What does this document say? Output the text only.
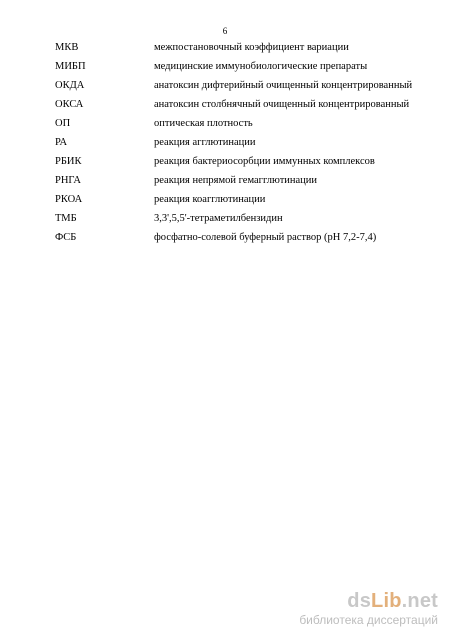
6
МКВ	межпостановочный коэффициент вариации
МИБП	медицинские иммунобиологические препараты
ОКДА	анатоксин дифтерийный очищенный концентрированный
ОКСА	анатоксин столбнячный очищенный концентрированный
ОП	оптическая плотность
РА	реакция агглютинации
РБИК	реакция бактериосорбции иммунных комплексов
РНГА	реакция непрямой гемагглютинации
РКОА	реакция коагглютинации
ТМБ	3,3',5,5'-тетраметилбензидин
ФСБ	фосфатно-солевой буферный раствор (рН 7,2-7,4)
dsLib.net
библиотека диссертаций
